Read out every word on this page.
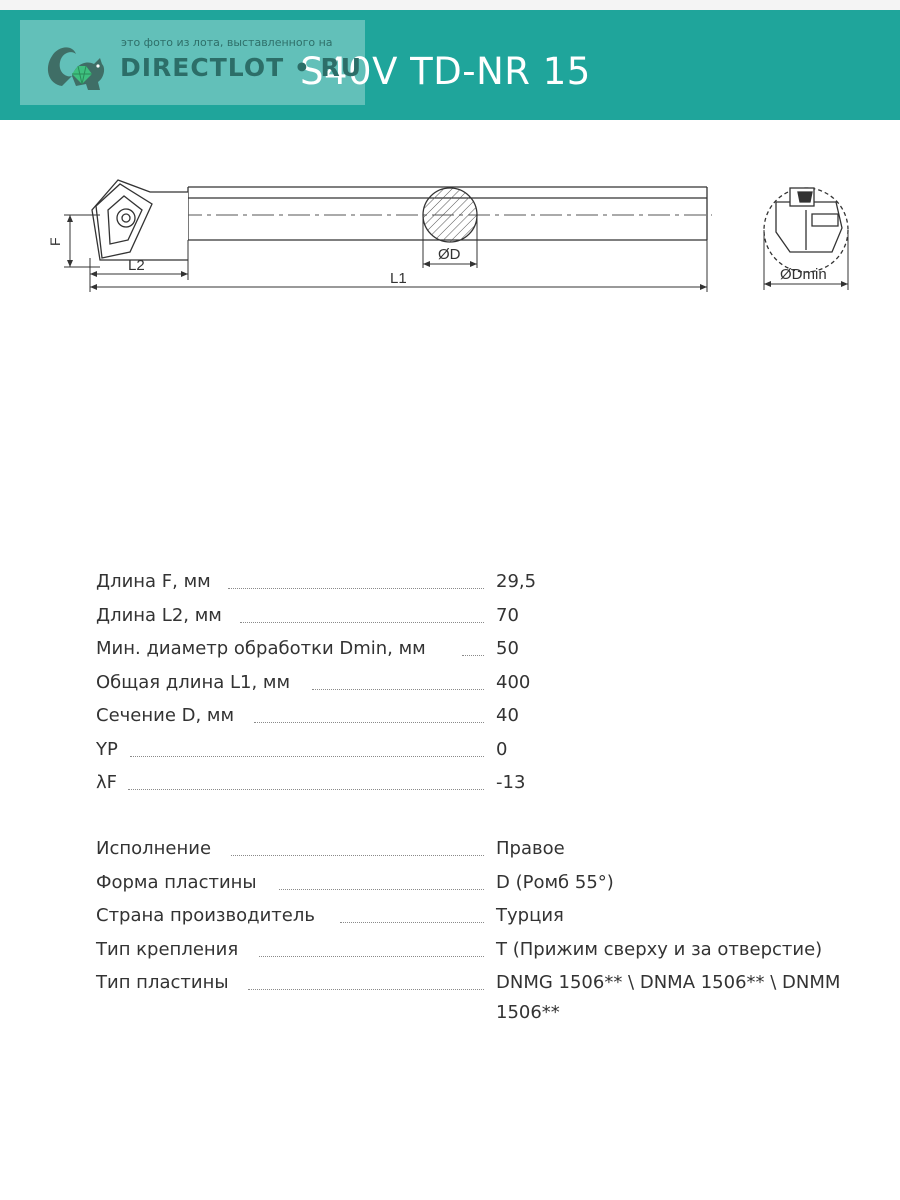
S40V TD-NR 15
это фото из лота, выставленного на
DIRECTLOT • RU
ØD
F
L2
L1	ØDmin
Длина F, мм	29,5
Длина L2, мм	70
Мин. диаметр обработки Dmin, мм	50
Общая длина L1, мм	400
Сечение D, мм	40
YP	0
λF	-13
Исполнение	Правое
Форма пластины	D (Ромб 55°)
Страна производитель	Турция
Тип крепления	T (Прижим сверху и за отверстие)
Тип пластины	DNMG 1506** \ DNMA 1506** \ DNMM 1506**
